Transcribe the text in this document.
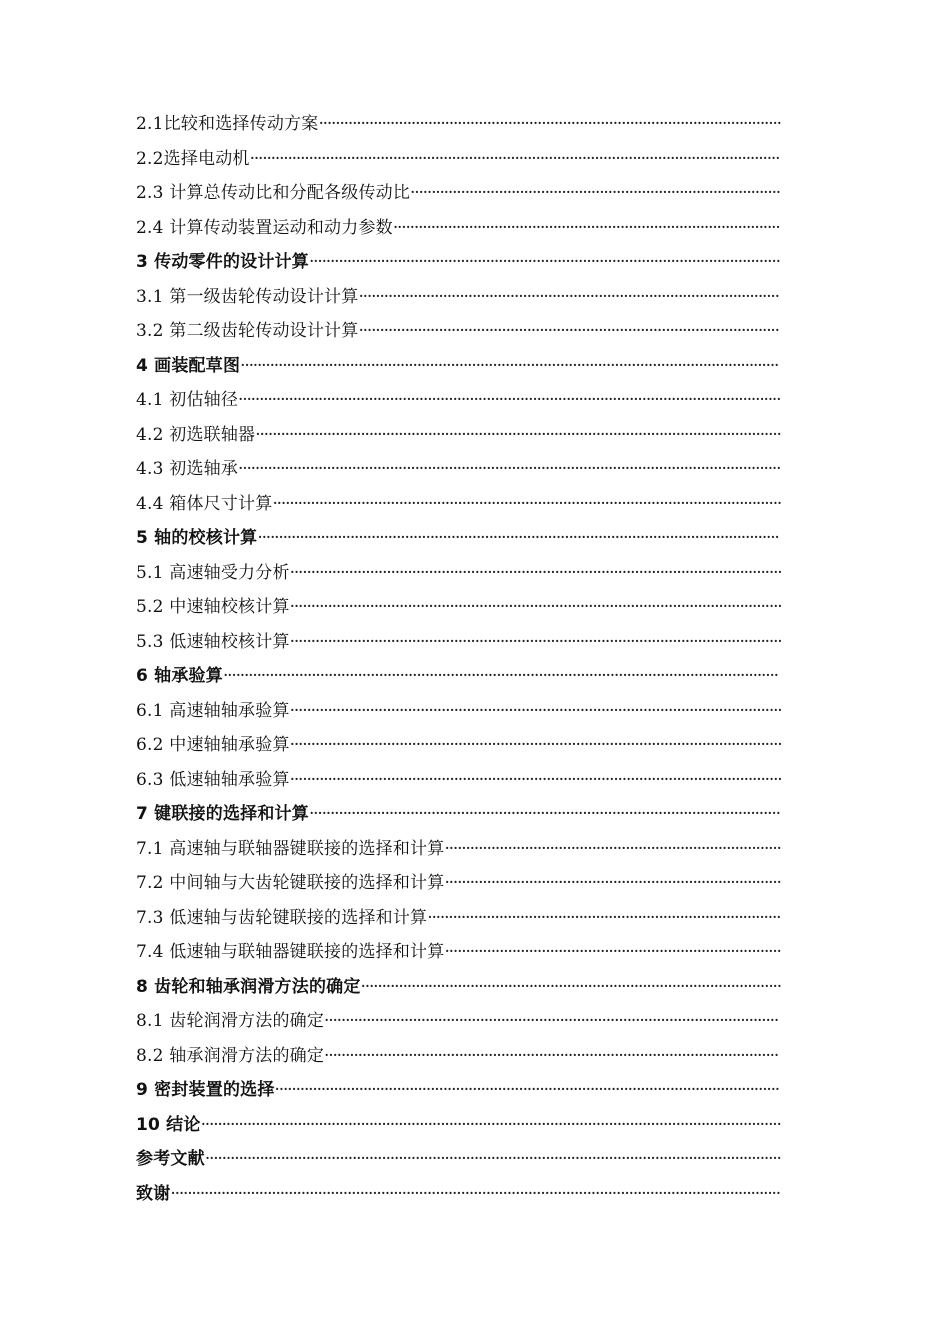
2.1比较和选择传动方案··············································································································
2.2选择电动机······························································································································
2.3 计算总传动比和分配各级传动比························································································
2.4 计算传动装置运动和动力参数····························································································
3 传动零件的设计计算················································································································
3.1 第一级齿轮传动设计计算····································································································
3.2 第二级齿轮传动设计计算····································································································
4 画装配草图································································································································
4.1 初估轴径·································································································································
4.2 初选联轴器·····························································································································
4.3 初选轴承·································································································································
4.4 箱体尺寸计算·························································································································
5 轴的校核计算····························································································································
5.1 高速轴受力分析·····················································································································
5.2 中速轴校核计算·····················································································································
5.3 低速轴校核计算·····················································································································
6 轴承验算····································································································································
6.1 高速轴轴承验算·····················································································································
6.2 中速轴轴承验算·····················································································································
6.3 低速轴轴承验算·····················································································································
7 键联接的选择和计算················································································································
7.1 高速轴与联轴器键联接的选择和计算················································································
7.2 中间轴与大齿轮键联接的选择和计算················································································
7.3 低速轴与齿轮键联接的选择和计算····················································································
7.4 低速轴与联轴器键联接的选择和计算················································································
8 齿轮和轴承润滑方法的确定····································································································
8.1 齿轮润滑方法的确定············································································································
8.2 轴承润滑方法的确定············································································································
9 密封装置的选择························································································································
10 结论··········································································································································
参考文献·········································································································································
致谢·················································································································································
